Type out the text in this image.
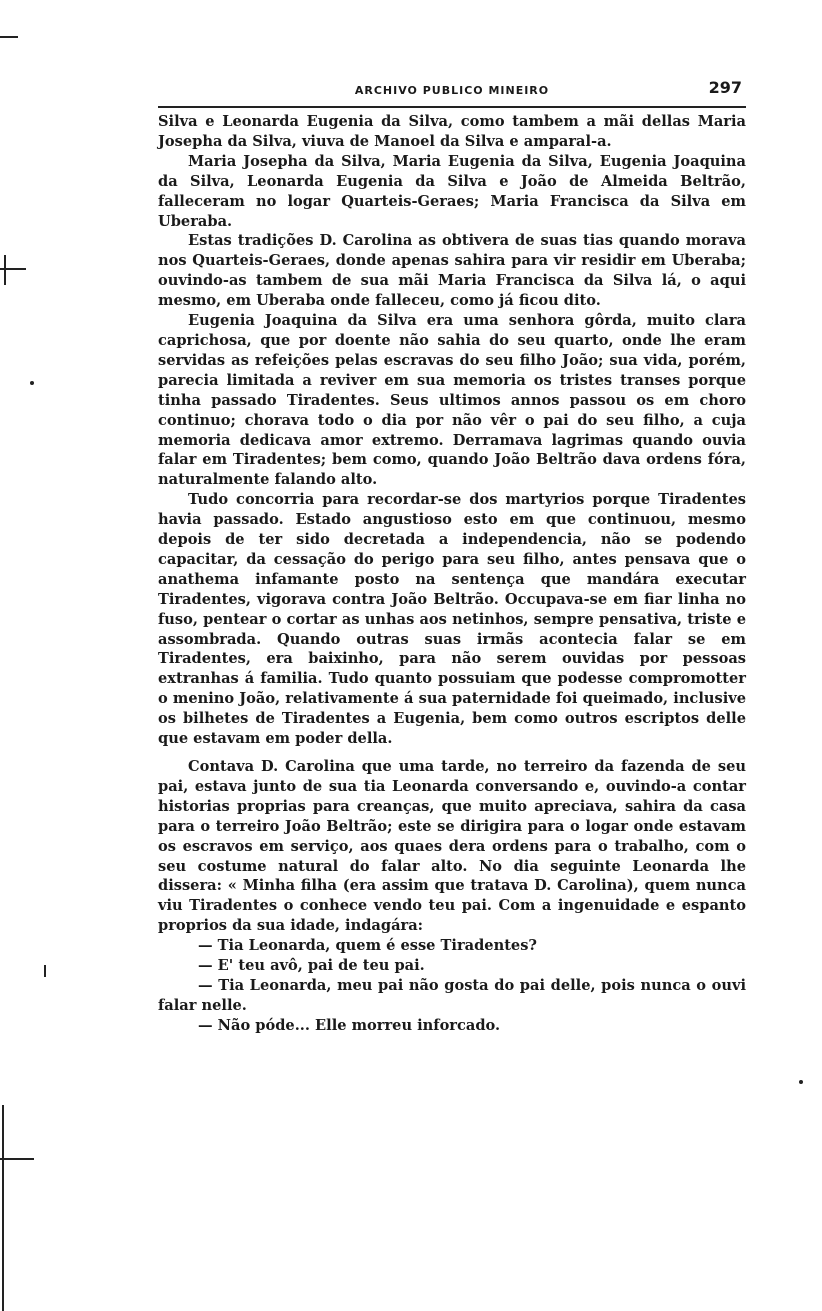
ARCHIVO PUBLICO MINEIRO	297

Silva e Leonarda Eugenia da Silva, como tambem a mãi dellas Maria Josepha da Silva, viuva de Manoel da Silva e amparal-a.

Maria Josepha da Silva, Maria Eugenia da Silva, Eugenia Joaquina da Silva, Leonarda Eugenia da Silva e João de Almeida Beltrão, falleceram no logar Quarteis-Geraes; Maria Francisca da Silva em Uberaba.

Estas tradições D. Carolina as obtivera de suas tias quando morava nos Quarteis-Geraes, donde apenas sahira para vir residir em Uberaba; ouvindo-as tambem de sua mãi Maria Francisca da Silva lá, o aqui mesmo, em Uberaba onde falleceu, como já ficou dito.

Eugenia Joaquina da Silva era uma senhora gôrda, muito clara caprichosa, que por doente não sahia do seu quarto, onde lhe eram servidas as refeições pelas escravas do seu filho João; sua vida, porém, parecia limitada a reviver em sua memoria os tristes transes porque tinha passado Tiradentes. Seus ultimos annos passou os em choro continuo; chorava todo o dia por não vêr o pai do seu filho, a cuja memoria dedicava amor extremo. Derramava lagrimas quando ouvia falar em Tiradentes; bem como, quando João Beltrão dava ordens fóra, naturalmente falando alto.

Tudo concorria para recordar-se dos martyrios porque Tiradentes havia passado. Estado angustioso esto em que continuou, mesmo depois de ter sido decretada a independencia, não se podendo capacitar, da cessação do perigo para seu filho, antes pensava que o anathema infamante posto na sentença que mandára executar Tiradentes, vigorava contra João Beltrão. Occupava-se em fiar linha no fuso, pentear o cortar as unhas aos netinhos, sempre pensativa, triste e assombrada. Quando outras suas irmãs acontecia falar se em Tiradentes, era baixinho, para não serem ouvidas por pessoas extranhas á familia. Tudo quanto possuiam que podesse compromotter o menino João, relativamente á sua paternidade foi queimado, inclusive os bilhetes de Tiradentes a Eugenia, bem como outros escriptos delle que estavam em poder della.

Contava D. Carolina que uma tarde, no terreiro da fazenda de seu pai, estava junto de sua tia Leonarda conversando e, ouvindo-a contar historias proprias para creanças, que muito apreciava, sahira da casa para o terreiro João Beltrão; este se dirigira para o logar onde estavam os escravos em serviço, aos quaes dera ordens para o trabalho, com o seu costume natural do falar alto. No dia seguinte Leonarda lhe dissera: « Minha filha (era assim que tratava D. Carolina), quem nunca viu Tiradentes o conhece vendo teu pai. Com a ingenuidade e espanto proprios da sua idade, indagára:

— Tia Leonarda, quem é esse Tiradentes?

— E' teu avô, pai de teu pai.

— Tia Leonarda, meu pai não gosta do pai delle, pois nunca o ouvi falar nelle.

— Não póde... Elle morreu inforcado.
